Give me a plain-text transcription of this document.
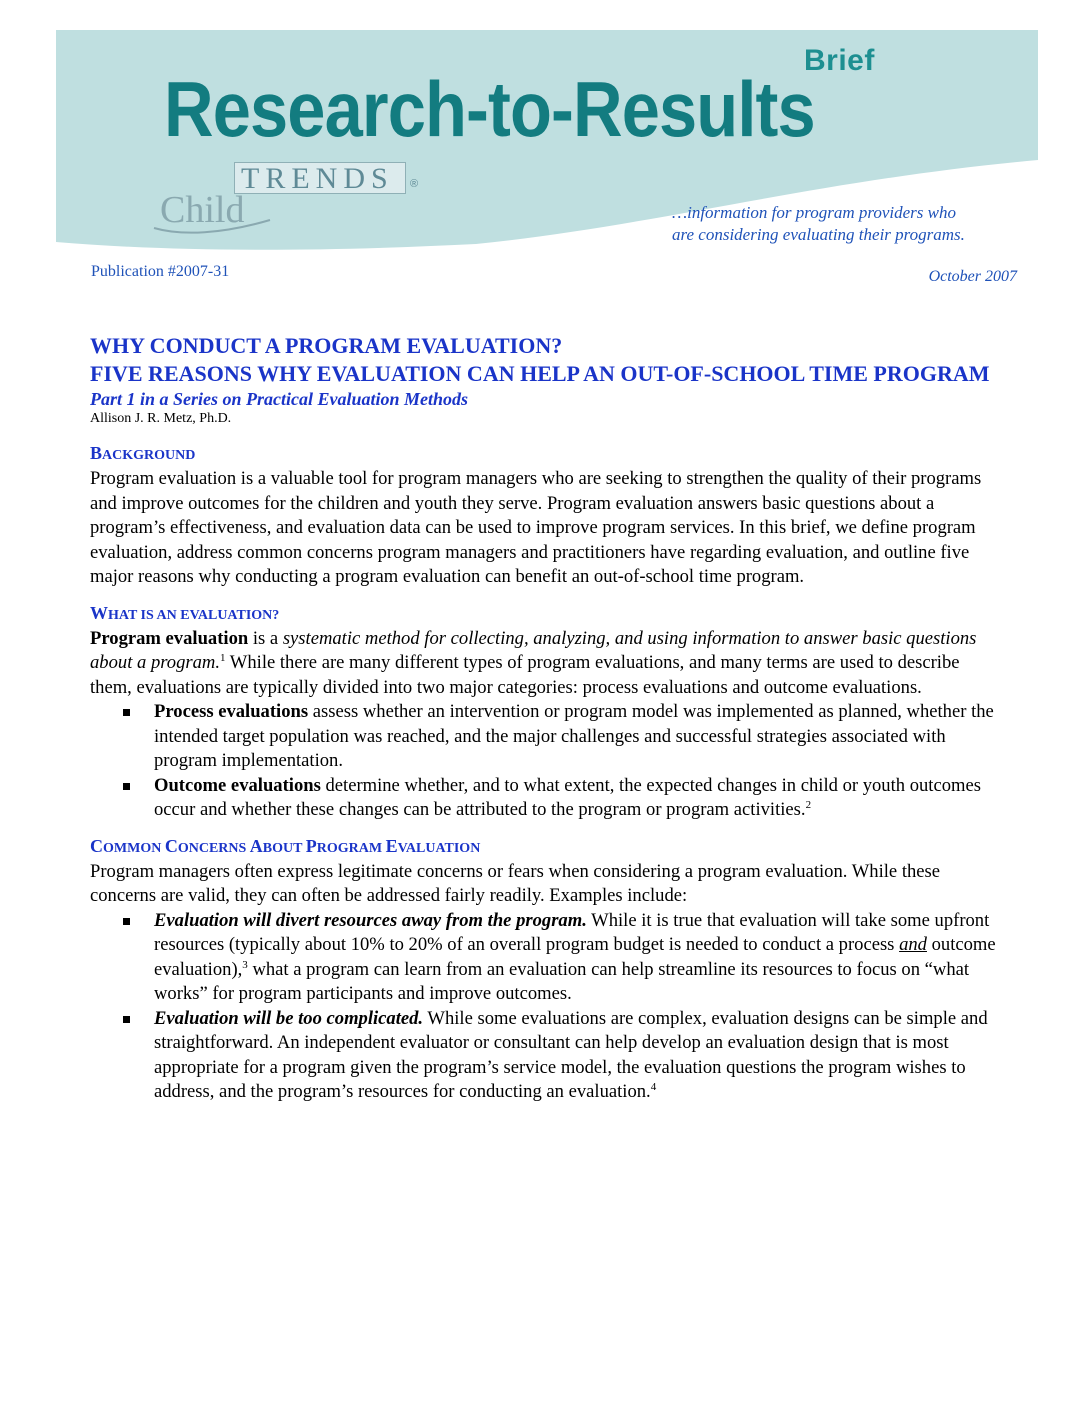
Brief
Research-to-Results
TRENDS	®
Child	…information for program providers who
are considering evaluating their programs.
Publication #2007-31	October 2007
WHY CONDUCT A PROGRAM EVALUATION?
FIVE REASONS WHY EVALUATION CAN HELP AN OUT-OF-SCHOOL TIME PROGRAM

Part 1 in a Series on Practical Evaluation Methods

Allison J. R. Metz, Ph.D.

BACKGROUND

Program evaluation is a valuable tool for program managers who are seeking to strengthen the quality of their programs and improve outcomes for the children and youth they serve. Program evaluation answers basic questions about a program’s effectiveness, and evaluation data can be used to improve program services. In this brief, we define program evaluation, address common concerns program managers and practitioners have regarding evaluation, and outline five major reasons why conducting a program evaluation can benefit an out-of-school time program.

WHAT IS AN EVALUATION?

Program evaluation is a systematic method for collecting, analyzing, and using information to answer basic questions about a program.$^1$ While there are many different types of program evaluations, and many terms are used to describe them, evaluations are typically divided into two major categories: process evaluations and outcome evaluations.

Process evaluations assess whether an intervention or program model was implemented as planned, whether the intended target population was reached, and the major challenges and successful strategies associated with program implementation.
Outcome evaluations determine whether, and to what extent, the expected changes in child or youth outcomes occur and whether these changes can be attributed to the program or program activities.$^2$
COMMON CONCERNS ABOUT PROGRAM EVALUATION

Program managers often express legitimate concerns or fears when considering a program evaluation. While these concerns are valid, they can often be addressed fairly readily. Examples include:

Evaluation will divert resources away from the program. While it is true that evaluation will take some upfront resources (typically about 10% to 20% of an overall program budget is needed to conduct a process and outcome evaluation),$^3$ what a program can learn from an evaluation can help streamline its resources to focus on “what works” for program participants and improve outcomes.
Evaluation will be too complicated. While some evaluations are complex, evaluation designs can be simple and straightforward. An independent evaluator or consultant can help develop an evaluation design that is most appropriate for a program given the program’s service model, the evaluation questions the program wishes to address, and the program’s resources for conducting an evaluation.$^4$
